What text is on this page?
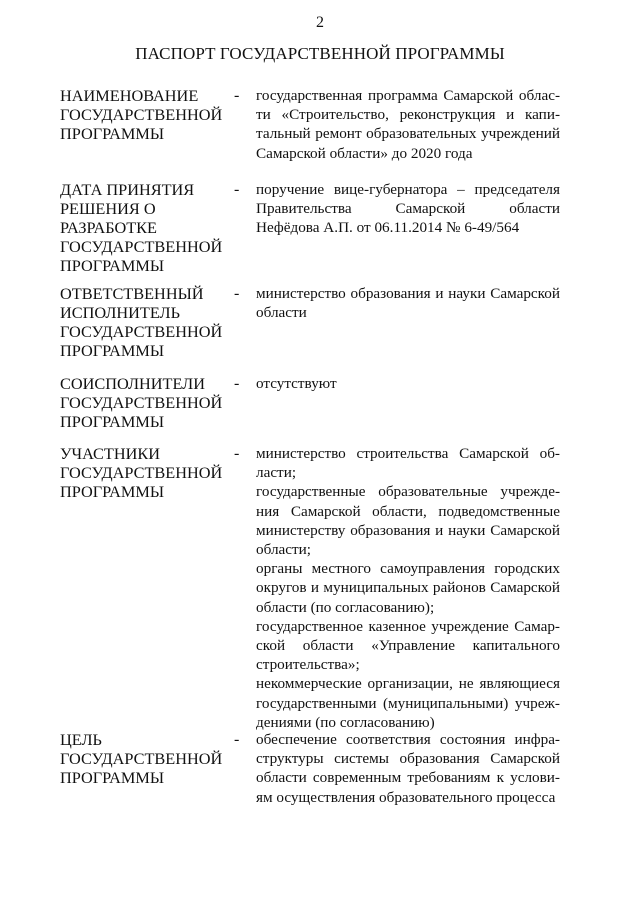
2
ПАСПОРТ ГОСУДАРСТВЕННОЙ ПРОГРАММЫ
НАИМЕНОВАНИЕ
ГОСУДАРСТВЕННОЙ
ПРОГРАММЫ
-	государственная программа Самарской облас-
ти «Строительство, реконструкция и капи-
тальный ремонт образовательных учреждений
Самарской области» до 2020 года
ДАТА ПРИНЯТИЯ
РЕШЕНИЯ О
РАЗРАБОТКЕ
ГОСУДАРСТВЕННОЙ
ПРОГРАММЫ
-	поручение вице-губернатора – председателя
Правительства Самарской области
Нефёдова А.П. от 06.11.2014 № 6-49/564
ОТВЕТСТВЕННЫЙ
ИСПОЛНИТЕЛЬ
ГОСУДАРСТВЕННОЙ
ПРОГРАММЫ
-	министерство образования и науки Самарской
области
СОИСПОЛНИТЕЛИ
ГОСУДАРСТВЕННОЙ
ПРОГРАММЫ
-	отсутствуют
УЧАСТНИКИ
ГОСУДАРСТВЕННОЙ
ПРОГРАММЫ
-	министерство строительства Самарской об-
ласти;
государственные образовательные учрежде-
ния Самарской области, подведомственные
министерству образования и науки Самарской
области;
органы местного самоуправления городских
округов и муниципальных районов Самарской
области (по согласованию);
государственное казенное учреждение Самар-
ской области «Управление капитального
строительства»;
некоммерческие организации, не являющиеся
государственными (муниципальными) учреж-
дениями (по согласованию)
ЦЕЛЬ
ГОСУДАРСТВЕННОЙ
ПРОГРАММЫ
-	обеспечение соответствия состояния инфра-
структуры системы образования Самарской
области современным требованиям к услови-
ям осуществления образовательного процесса
